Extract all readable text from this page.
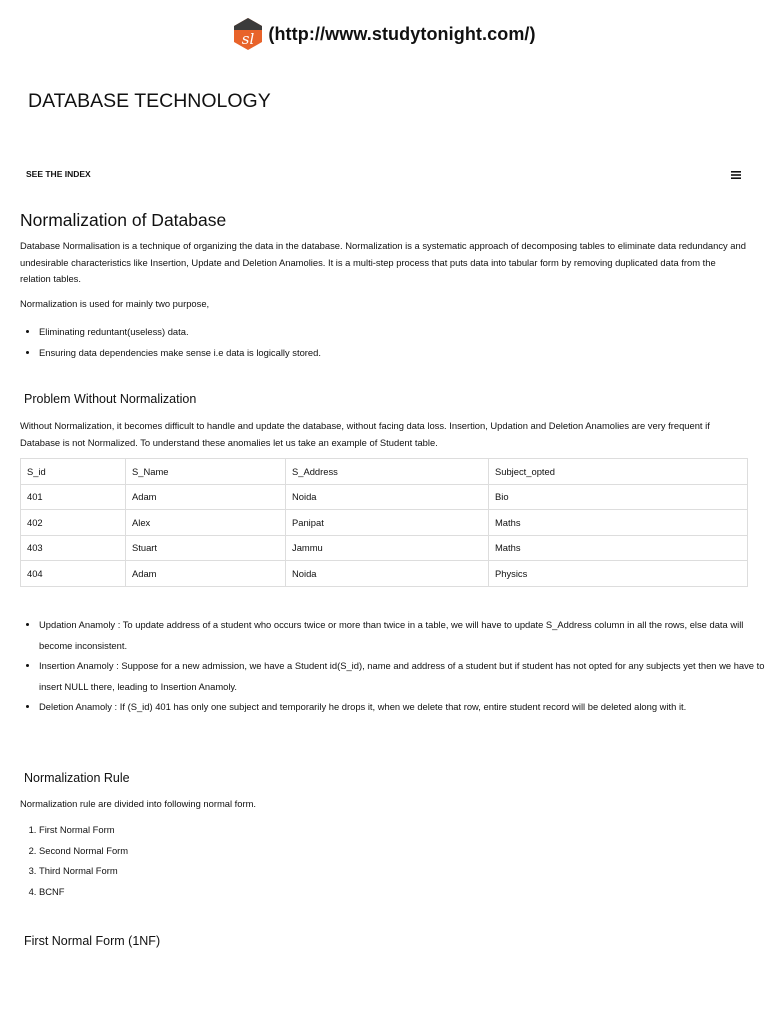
sl (http://www.studytonight.com/)
DATABASE TECHNOLOGY
SEE THE INDEX
Normalization of Database

Database Normalisation is a technique of organizing the data in the database. Normalization is a systematic approach of decomposing tables to eliminate data redundancy and undesirable characteristics like Insertion, Update and Deletion Anamolies. It is a multi-step process that puts data into tabular form by removing duplicated data from the relation tables.

Normalization is used for mainly two purpose,

• Eliminating reduntant(useless) data.
• Ensuring data dependencies make sense i.e data is logically stored.
Problem Without Normalization

Without Normalization, it becomes difficult to handle and update the database, without facing data loss. Insertion, Updation and Deletion Anamolies are very frequent if Database is not Normalized. To understand these anomalies let us take an example of Student table.

S_id	S_Name	S_Address	Subject_opted
401	Adam	Noida	Bio
402	Alex	Panipat	Maths
403	Stuart	Jammu	Maths
404	Adam	Noida	Physics
• Updation Anamoly : To update address of a student who occurs twice or more than twice in a table, we will have to update S_Address column in all the rows, else data will become inconsistent.
• Insertion Anamoly : Suppose for a new admission, we have a Student id(S_id), name and address of a student but if student has not opted for any subjects yet then we have to insert NULL there, leading to Insertion Anamoly.
• Deletion Anamoly : If (S_id) 401 has only one subject and temporarily he drops it, when we delete that row, entire student record will be deleted along with it.
Normalization Rule

Normalization rule are divided into following normal form.

1. First Normal Form
2. Second Normal Form
3. Third Normal Form
4. BCNF
First Normal Form (1NF)
